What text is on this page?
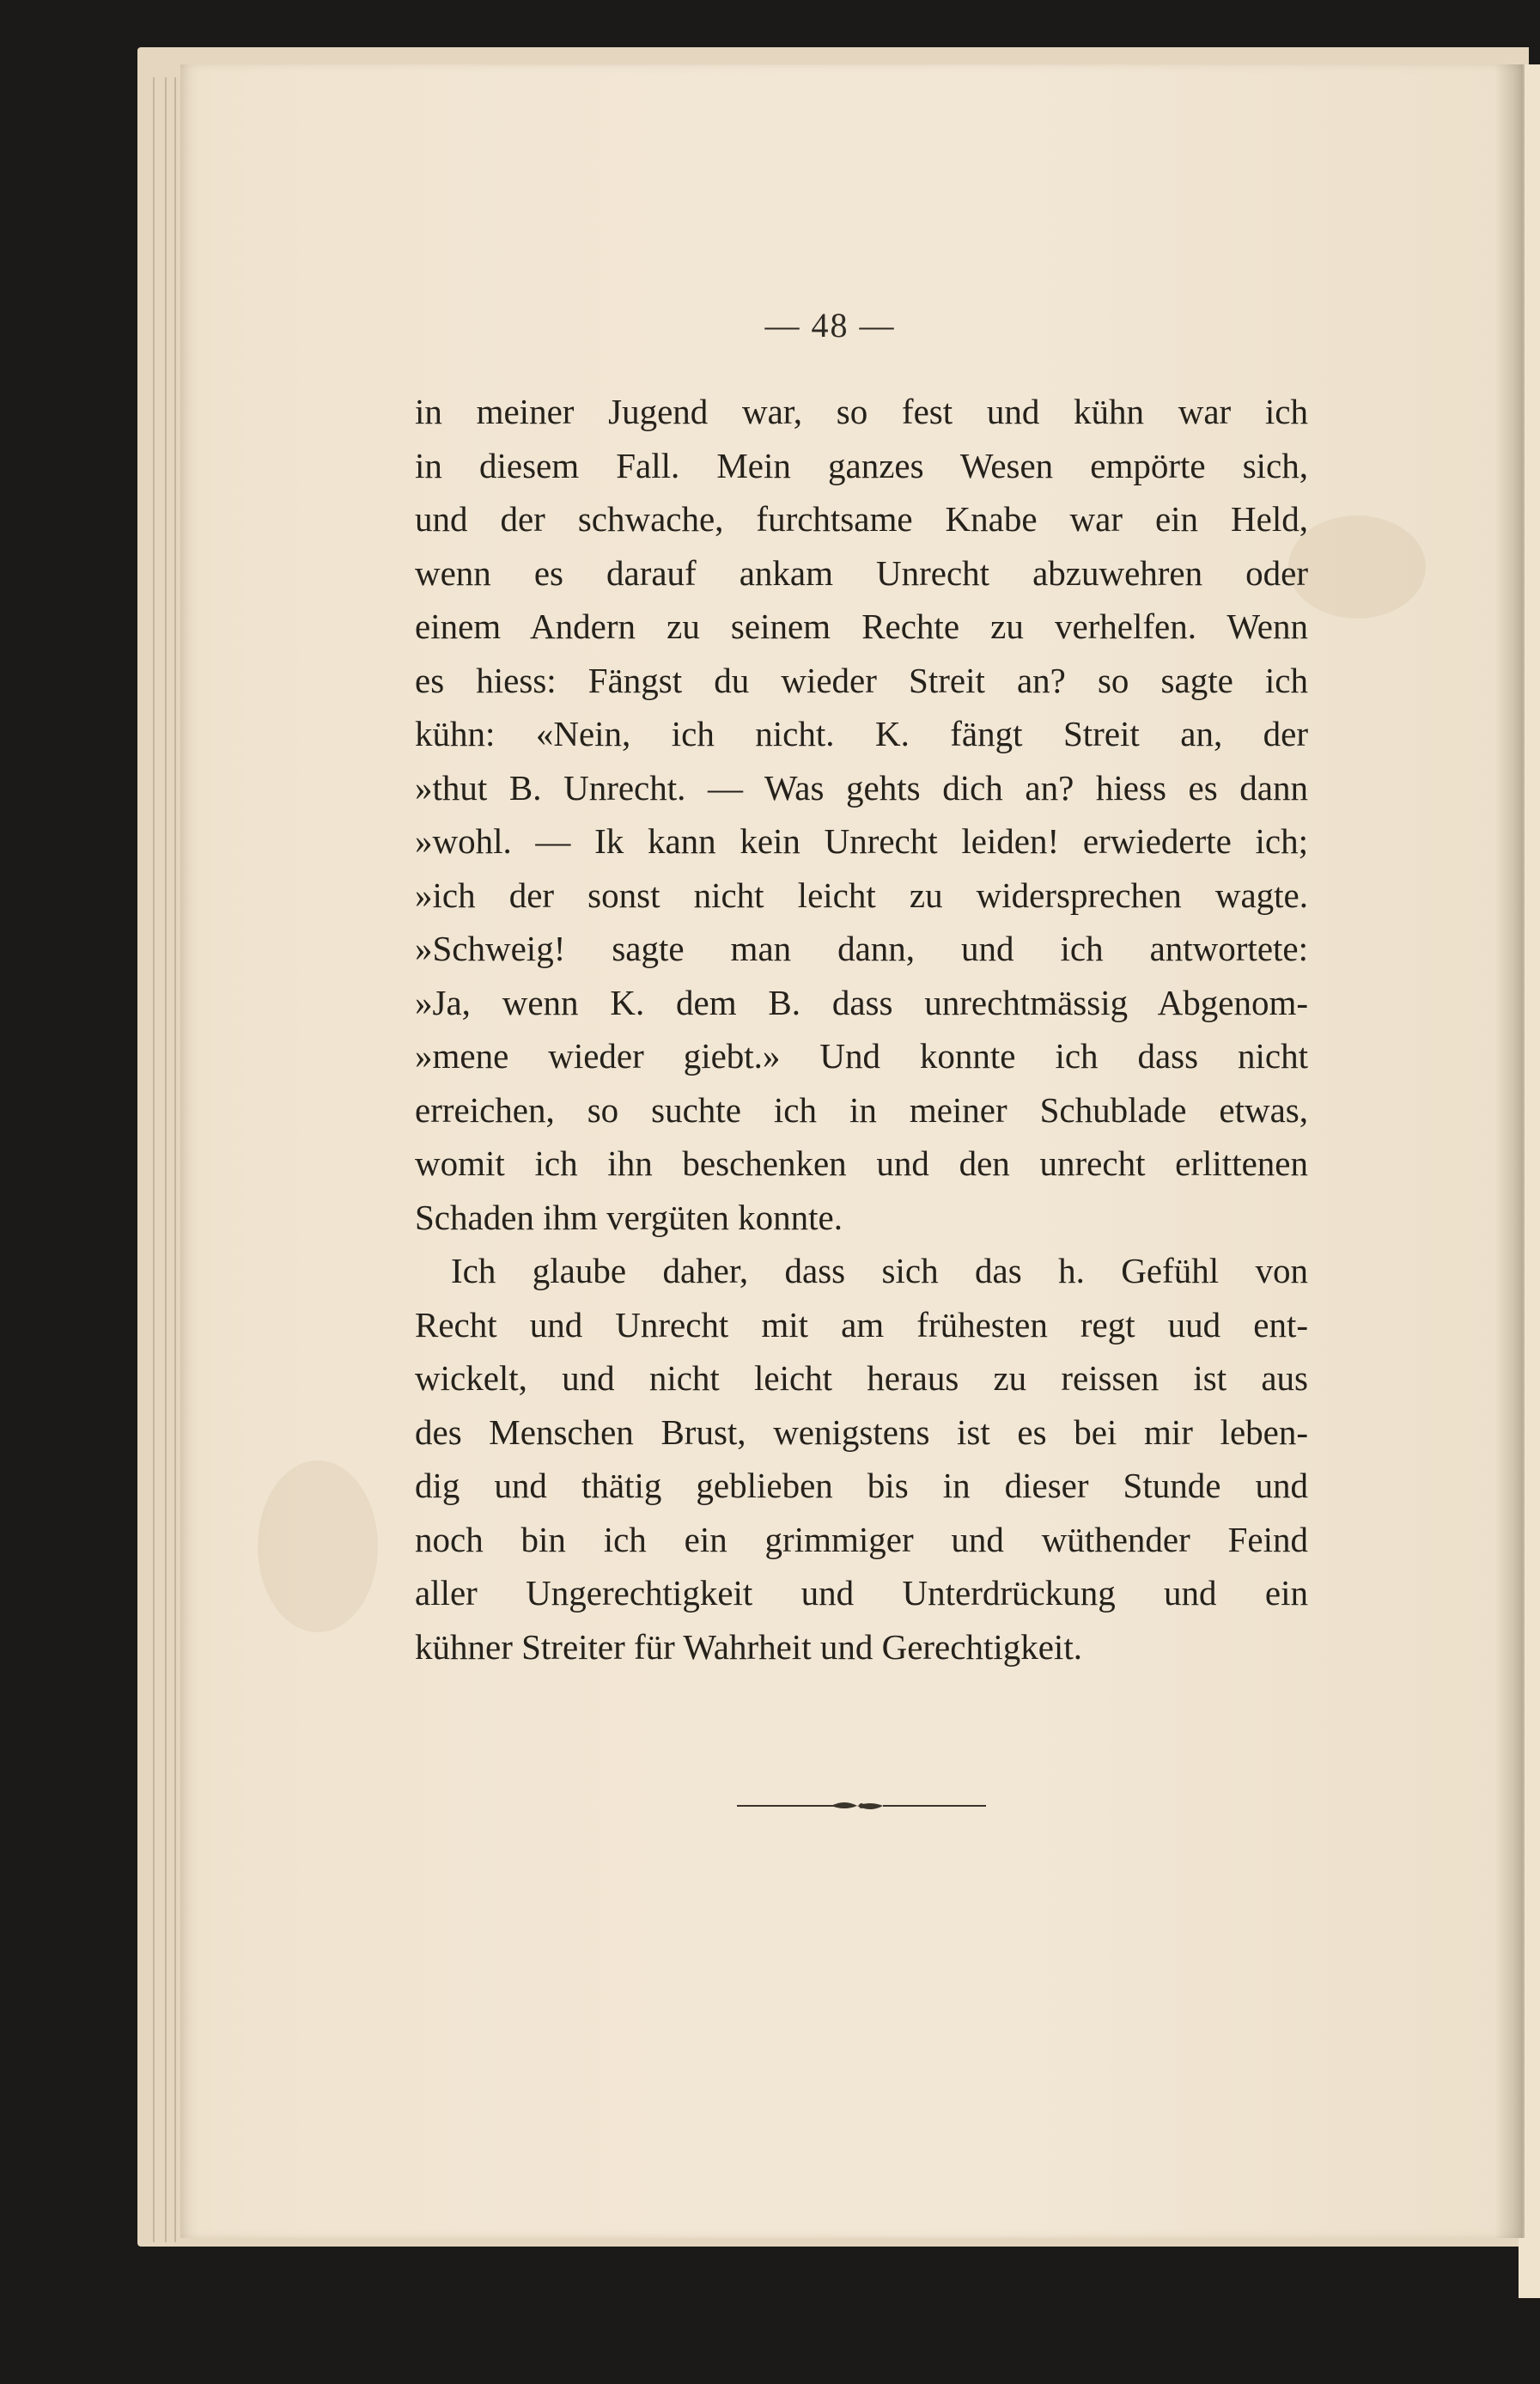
— 48 —
in meiner Jugend war, so fest und kühn war ich
in diesem Fall. Mein ganzes Wesen empörte sich,
und der schwache, furchtsame Knabe war ein Held,
wenn es darauf ankam Unrecht abzuwehren oder
einem Andern zu seinem Rechte zu verhelfen. Wenn
es hiess: Fängst du wieder Streit an? so sagte ich
kühn: «Nein, ich nicht. K. fängt Streit an, der
»thut B. Unrecht. — Was gehts dich an? hiess es dann
»wohl. — Ik kann kein Unrecht leiden! erwiederte ich;
»ich der sonst nicht leicht zu widersprechen wagte.
»Schweig! sagte man dann, und ich antwortete:
»Ja, wenn K. dem B. dass unrechtmässig Abgenom-
»mene wieder giebt.» Und konnte ich dass nicht
erreichen, so suchte ich in meiner Schublade etwas,
womit ich ihn beschenken und den unrecht erlittenen
Schaden ihm vergüten konnte.
Ich glaube daher, dass sich das h. Gefühl von
Recht und Unrecht mit am frühesten regt uud ent-
wickelt, und nicht leicht heraus zu reissen ist aus
des Menschen Brust, wenigstens ist es bei mir leben-
dig und thätig geblieben bis in dieser Stunde und
noch bin ich ein grimmiger und wüthender Feind
aller Ungerechtigkeit und Unterdrückung und ein
kühner Streiter für Wahrheit und Gerechtigkeit.
